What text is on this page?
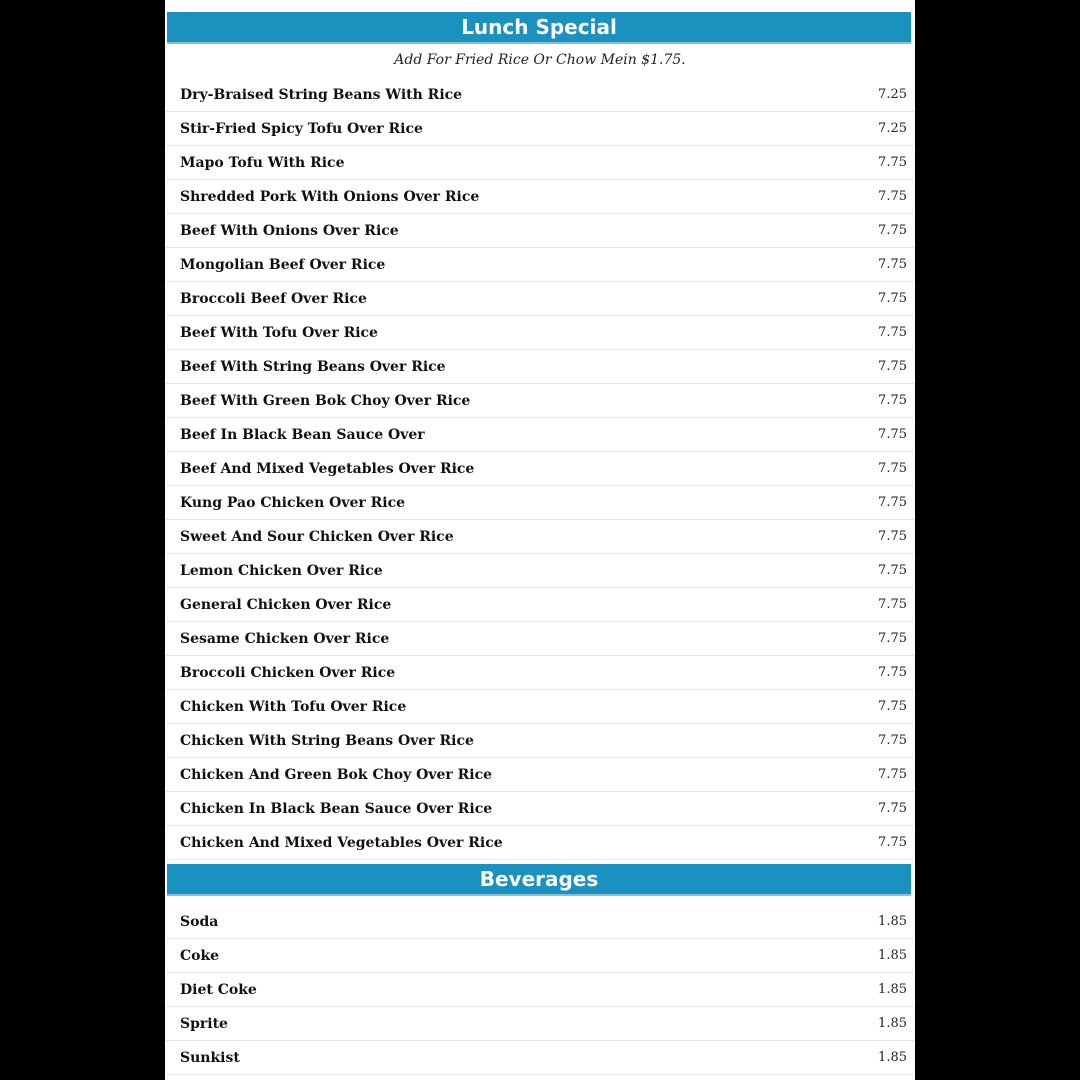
Lunch Special
Add For Fried Rice Or Chow Mein $1.75.
Dry-Braised String Beans With Rice	7.25
Stir-Fried Spicy Tofu Over Rice	7.25
Mapo Tofu With Rice	7.75
Shredded Pork With Onions Over Rice	7.75
Beef With Onions Over Rice	7.75
Mongolian Beef Over Rice	7.75
Broccoli Beef Over Rice	7.75
Beef With Tofu Over Rice	7.75
Beef With String Beans Over Rice	7.75
Beef With Green Bok Choy Over Rice	7.75
Beef In Black Bean Sauce Over	7.75
Beef And Mixed Vegetables Over Rice	7.75
Kung Pao Chicken Over Rice	7.75
Sweet And Sour Chicken Over Rice	7.75
Lemon Chicken Over Rice	7.75
General Chicken Over Rice	7.75
Sesame Chicken Over Rice	7.75
Broccoli Chicken Over Rice	7.75
Chicken With Tofu Over Rice	7.75
Chicken With String Beans Over Rice	7.75
Chicken And Green Bok Choy Over Rice	7.75
Chicken In Black Bean Sauce Over Rice	7.75
Chicken And Mixed Vegetables Over Rice	7.75
Beverages
Soda	1.85
Coke	1.85
Diet Coke	1.85
Sprite	1.85
Sunkist	1.85
